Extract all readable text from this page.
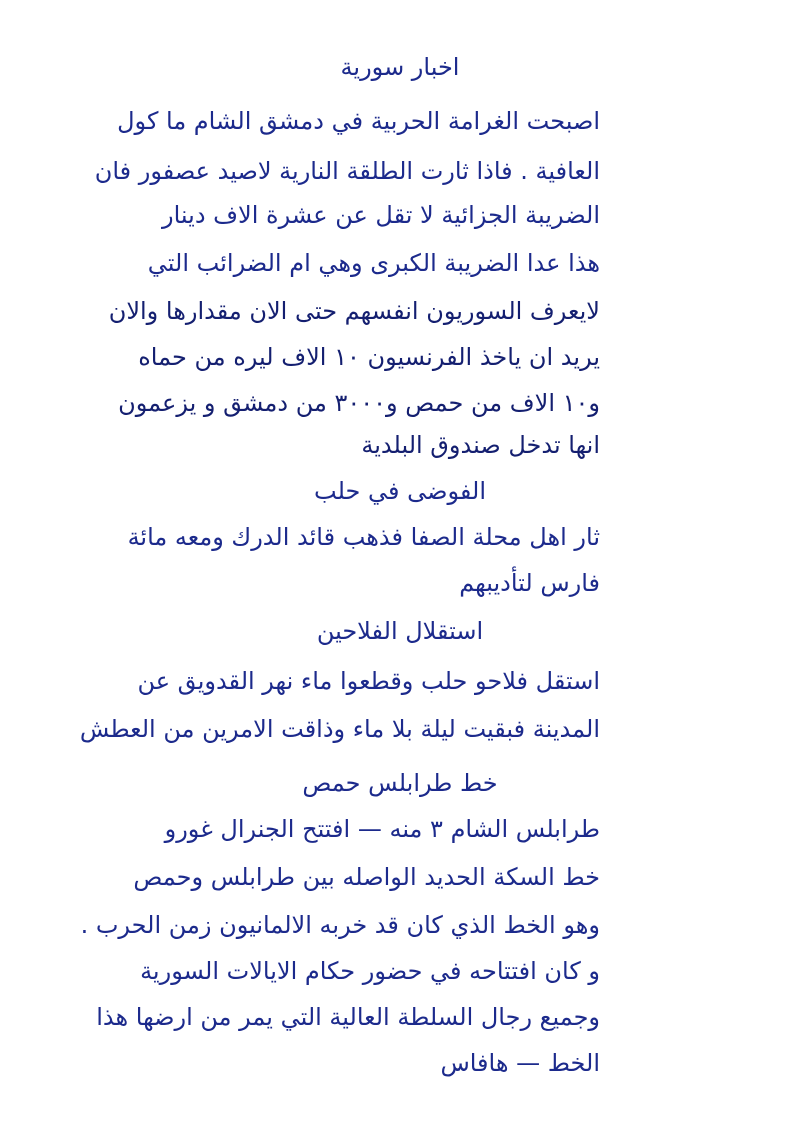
اخبار سورية
اصبحت الغرامة الحربية في دمشق الشام ما كول
العافية . فاذا ثارت الطلقة النارية لاصيد عصفور فان
الضريبة الجزائية لا تقل عن عشرة الاف دينار
هذا عدا الضريبة الكبرى وهي ام الضرائب التي
لايعرف السوريون انفسهم حتى الان مقدارها والان
يريد ان ياخذ الفرنسيون ١٠ الاف ليره من حماه
و١٠ الاف من حمص و٣٠٠٠ من دمشق و يزعمون
انها تدخل صندوق البلدية
الفوضى في حلب
ثار اهل محلة الصفا فذهب قائد الدرك ومعه مائة
فارس لتأديبهم
استقلال الفلاحين
استقل فلاحو حلب وقطعوا ماء نهر القدويق عن
المدينة فبقيت ليلة بلا ماء وذاقت الامرين من العطش
خط طرابلس حمص
طرابلس الشام ٣ منه — افتتح الجنرال غورو
خط السكة الحديد الواصله بين طرابلس وحمص
وهو الخط الذي كان قد خربه الالمانيون زمن الحرب .
و كان افتتاحه في حضور حكام الايالات السورية
وجميع رجال السلطة العالية التي يمر من ارضها هذا
الخط — هافاس
